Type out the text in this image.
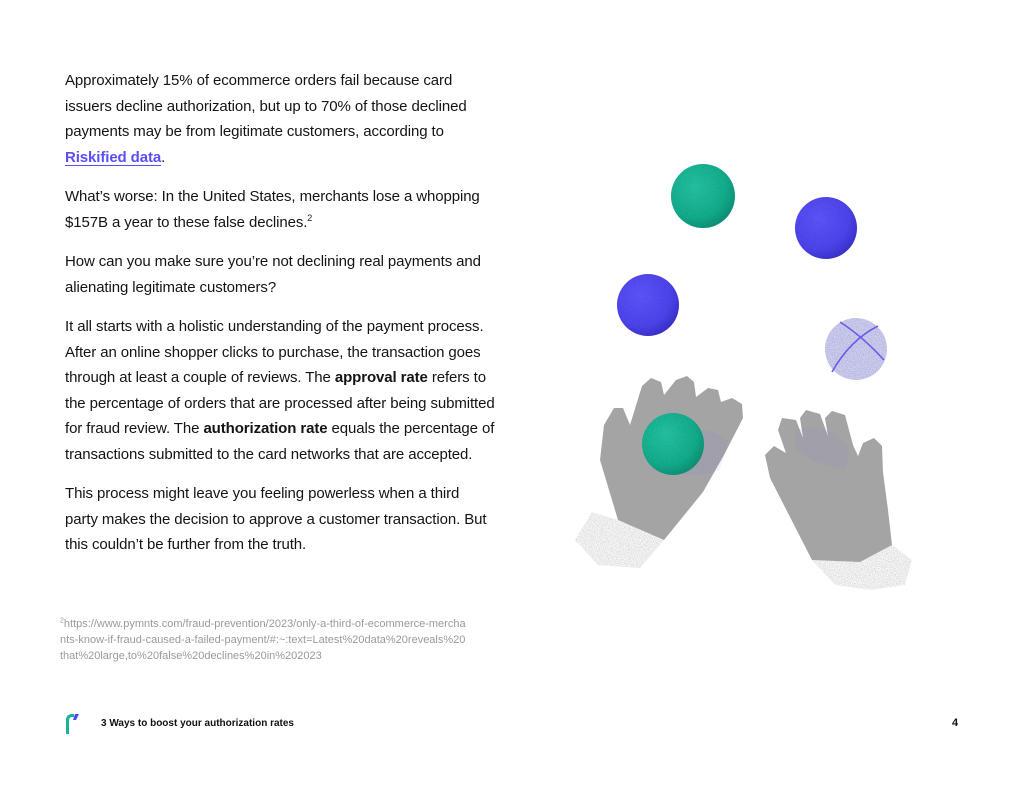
Approximately 15% of ecommerce orders fail because card issuers decline authorization, but up to 70% of those declined payments may be from legitimate customers, according to Riskified data.

What’s worse: In the United States, merchants lose a whopping $157B a year to these false declines.$^2$

How can you make sure you’re not declining real payments and alienating legitimate customers?

It all starts with a holistic understanding of the payment process. After an online shopper clicks to purchase, the transaction goes through at least a couple of reviews. The approval rate refers to the percentage of orders that are processed after being submitted for fraud review. The authorization rate equals the percentage of transactions submitted to the card networks that are accepted.

This process might leave you feeling powerless when a third party makes the decision to approve a customer transaction. But this couldn’t be further from the truth.

$^2$https://www.pymnts.com/fraud-prevention/2023/only-a-third-of-ecommerce-merchants-know-if-fraud-caused-a-failed-payment/#:~:text=Latest%20data%20reveals%20that%20large,to%20false%20declines%20in%202023
3 Ways to boost your authorization rates	4
